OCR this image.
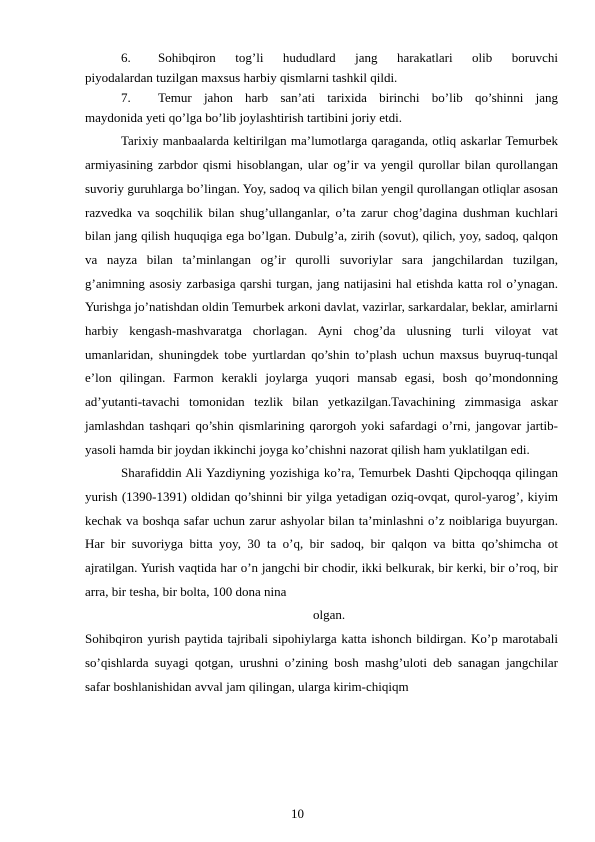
6.	Sohibqiron tog’li hududlard jang harakatlari olib boruvchi

piyodalardan tuzilgan maxsus harbiy qismlarni tashkil qildi.

7.	Temur jahon harb san’ati tarixida birinchi bo’lib qo’shinni jang

maydonida yeti qo’lga bo’lib joylashtirish tartibini joriy etdi.

Tarixiy manbaalarda keltirilgan ma’lumotlarga qaraganda, otliq askarlar Temurbek armiyasining zarbdor qismi hisoblangan, ular og’ir va yengil qurollar bilan qurollangan suvoriy guruhlarga bo’lingan. Yoy, sadoq va qilich bilan yengil qurollangan otliqlar asosan razvedka va soqchilik bilan shug’ullanganlar, o’ta zarur chog’dagina dushman kuchlari bilan jang qilish huquqiga ega bo’lgan. Dubulg’a, zirih (sovut), qilich, yoy, sadoq, qalqon va nayza bilan ta’minlangan og’ir qurolli suvoriylar sara jangchilardan tuzilgan, g’animning asosiy zarbasiga qarshi turgan, jang natijasini hal etishda katta rol o’ynagan. Yurishga jo’natishdan oldin Temurbek arkoni davlat, vazirlar, sarkardalar, beklar, amirlarni harbiy kengash-mashvaratga chorlagan. Ayni chog’da ulusning turli viloyat vat umanlaridan, shuningdek tobe yurtlardan qo’shin to’plash uchun maxsus buyruq-tunqal e’lon qilingan. Farmon kerakli joylarga yuqori mansab egasi, bosh qo’mondonning ad’yutanti-tavachi tomonidan tezlik bilan yetkazilgan.Tavachining zimmasiga askar jamlashdan tashqari qo’shin qismlarining qarorgoh yoki safardagi o’rni, jangovar jartib-yasoli hamda bir joydan ikkinchi joyga ko’chishni nazorat qilish ham yuklatilgan edi.

Sharafiddin Ali Yazdiyning yozishiga ko’ra, Temurbek Dashti Qipchoqqa qilingan yurish (1390-1391) oldidan qo’shinni bir yilga yetadigan oziq-ovqat, qurol-yarog’, kiyim kechak va boshqa safar uchun zarur ashyolar bilan ta’minlashni o’z noiblariga buyurgan. Har bir suvoriyga bitta yoy, 30 ta o’q, bir sadoq, bir qalqon va bitta qo’shimcha ot ajratilgan. Yurish vaqtida har o’n jangchi bir chodir, ikki belkurak, bir kerki, bir o’roq, bir arra, bir tesha, bir bolta, 100 dona nina

olgan.

Sohibqiron yurish paytida tajribali sipohiylarga katta ishonch bildirgan. Ko’p marotabali so’qishlarda suyagi qotgan, urushni o’zining bosh mashg’uloti deb sanagan jangchilar safar boshlanishidan avval jam qilingan, ularga kirim-chiqiqm

10
